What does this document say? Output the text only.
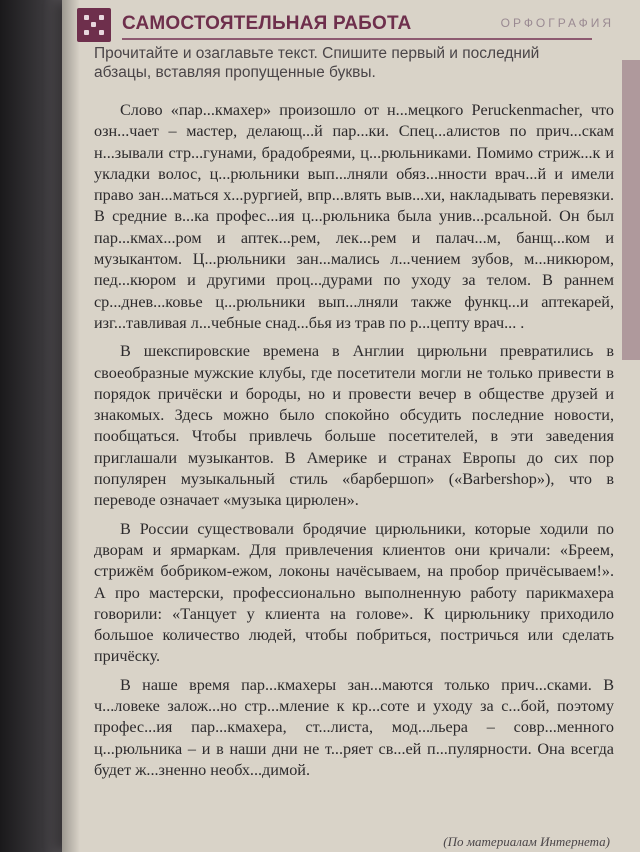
САМОСТОЯТЕЛЬНАЯ РАБОТА	ОРФОГРАФИЯ
Прочитайте и озаглавьте текст. Спишите первый и последний абзацы, вставляя пропущенные буквы.

Слово «пар...кмахер» произошло от н...мецкого Peruckenmacher, что озн...чает – мастер, делающ...й пар...ки. Спец...алистов по прич...скам н...зывали стр...гунами, брадобреями, ц...рюльниками. Помимо стриж...к и укладки волос, ц...рюльники вып...лняли обяз...нности врач...й и имели право зан...маться х...рургией, впр...влять выв...хи, накладывать перевязки. В средние в...ка профес...ия ц...рюльника была унив...рсальной. Он был пар...кмах...ром и аптек...рем, лек...рем и палач...м, банщ...ком и музыкантом. Ц...рюльники зан...мались л...чением зубов, м...никюром, пед...кюром и другими проц...дурами по уходу за телом. В раннем ср...днев...ковье ц...рюльники вып...лняли также функц...и аптекарей, изг...тавливая л...чебные снад...бья из трав по р...цепту врач... .

В шекспировские времена в Англии цирюльни превратились в своеобразные мужские клубы, где посетители могли не только привести в порядок причёски и бороды, но и провести вечер в обществе друзей и знакомых. Здесь можно было спокойно обсудить последние новости, пообщаться. Чтобы привлечь больше посетителей, в эти заведения приглашали музыкантов. В Америке и странах Европы до сих пор популярен музыкальный стиль «барбершоп» («Barbershop»), что в переводе означает «музыка цирюлен».

В России существовали бродячие цирюльники, которые ходили по дворам и ярмаркам. Для привлечения клиентов они кричали: «Бреем, стрижём бобриком-ежом, локоны начёсываем, на пробор причёсываем!». А про мастерски, профессионально выполненную работу парикмахера говорили: «Танцует у клиента на голове». К цирюльнику приходило большое количество людей, чтобы побриться, постричься или сделать причёску.

В наше время пар...кмахеры зан...маются только прич...сками. В ч...ловеке залож...но стр...мление к кр...соте и уходу за с...бой, поэтому профес...ия пар...кмахера, ст...листа, мод...льера – совр...менного ц...рюльника – и в наши дни не т...ряет св...ей п...пулярности. Она всегда будет ж...зненно необх...димой.

(По материалам Интернета)
